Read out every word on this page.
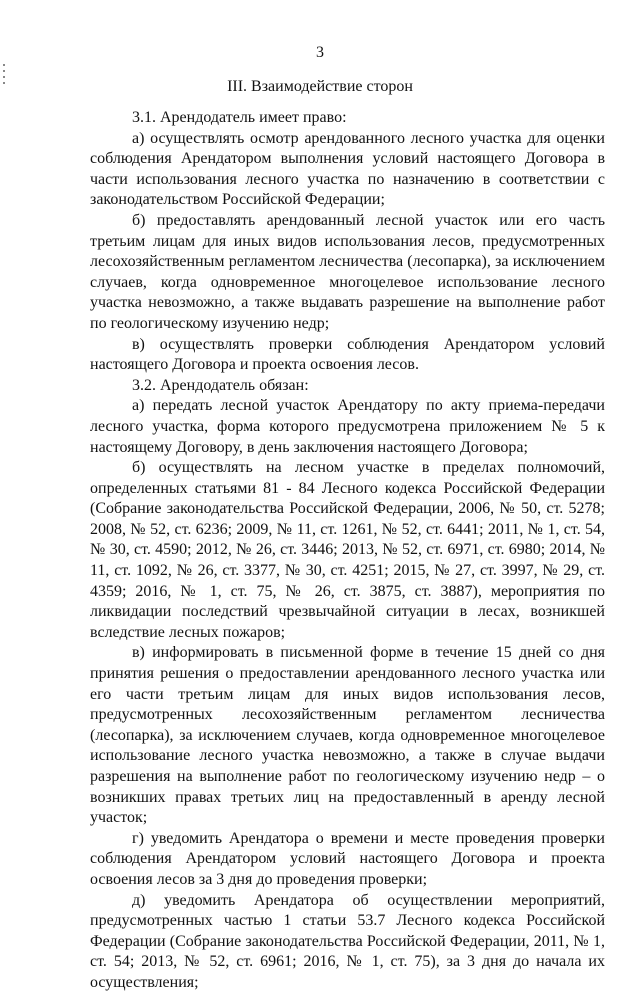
3
III. Взаимодействие сторон

3.1. Арендодатель имеет право:

а) осуществлять осмотр арендованного лесного участка для оценки соблюдения Арендатором выполнения условий настоящего Договора в части использования лесного участка по назначению в соответствии с законодательством Российской Федерации;

б) предоставлять арендованный лесной участок или его часть третьим лицам для иных видов использования лесов, предусмотренных лесохозяйственным регламентом лесничества (лесопарка), за исключением случаев, когда одновременное многоцелевое использование лесного участка невозможно, а также выдавать разрешение на выполнение работ по геологическому изучению недр;

в) осуществлять проверки соблюдения Арендатором условий настоящего Договора и проекта освоения лесов.

3.2. Арендодатель обязан:

а) передать лесной участок Арендатору по акту приема-передачи лесного участка, форма которого предусмотрена приложением № 5 к настоящему Договору, в день заключения настоящего Договора;

б) осуществлять на лесном участке в пределах полномочий, определенных статьями 81 - 84 Лесного кодекса Российской Федерации (Собрание законодательства Российской Федерации, 2006, № 50, ст. 5278; 2008, № 52, ст. 6236; 2009, № 11, ст. 1261, № 52, ст. 6441; 2011, № 1, ст. 54, № 30, ст. 4590; 2012, № 26, ст. 3446; 2013, № 52, ст. 6971, ст. 6980; 2014, № 11, ст. 1092, № 26, ст. 3377, № 30, ст. 4251; 2015, № 27, ст. 3997, № 29, ст. 4359; 2016, № 1, ст. 75, № 26, ст. 3875, ст. 3887), мероприятия по ликвидации последствий чрезвычайной ситуации в лесах, возникшей вследствие лесных пожаров;

в) информировать в письменной форме в течение 15 дней со дня принятия решения о предоставлении арендованного лесного участка или его части третьим лицам для иных видов использования лесов, предусмотренных лесохозяйственным регламентом лесничества (лесопарка), за исключением случаев, когда одновременное многоцелевое использование лесного участка невозможно, а также в случае выдачи разрешения на выполнение работ по геологическому изучению недр – о возникших правах третьих лиц на предоставленный в аренду лесной участок;

г) уведомить Арендатора о времени и месте проведения проверки соблюдения Арендатором условий настоящего Договора и проекта освоения лесов за 3 дня до проведения проверки;

д) уведомить Арендатора об осуществлении мероприятий, предусмотренных частью 1 статьи 53.7 Лесного кодекса Российской Федерации (Собрание законодательства Российской Федерации, 2011, № 1, ст. 54; 2013, № 52, ст. 6961; 2016, № 1, ст. 75), за 3 дня до начала их осуществления;
